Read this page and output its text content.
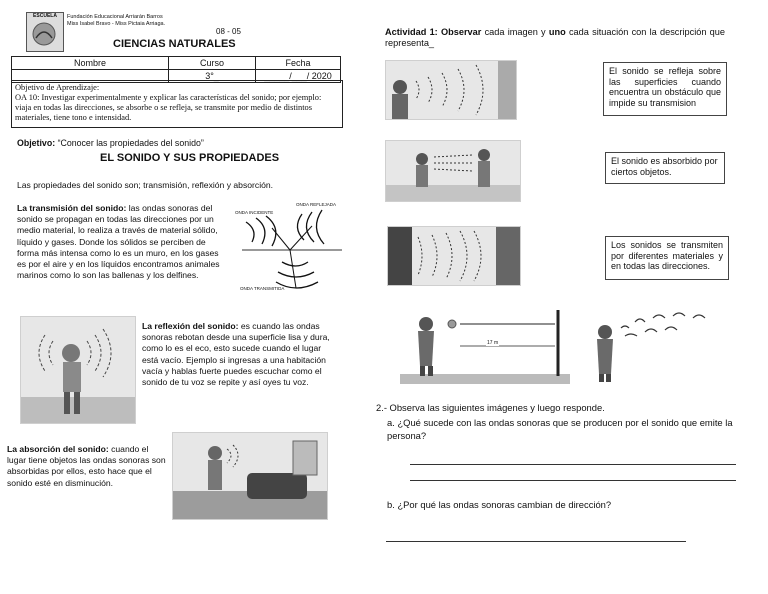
ESCUELA	Fundación Educacional Arriarán Barros
Miss Isabel Bravo - Miss Pictaia Arriaga.
08 - 05
CIENCIAS NATURALES
Nombre	Curso	Fecha
	3°_	_____/___/ 2020
Objetivo de Aprendizaje:
OA 10: Investigar experimentalmente y explicar las características del sonido; por ejemplo: viaja en todas las direcciones, se absorbe o se refleja, se transmite por medio de distintos materiales, tiene tono e intensidad.
Objetivo: “Conocer las propiedades del sonido”
EL SONIDO Y SUS PROPIEDADES
Las propiedades del sonido son; transmisión, reflexión y absorción.
La transmisión del sonido: las ondas sonoras del sonido se propagan en todas las direcciones por un medio material, lo realiza a través de material sólido, líquido y gases. Donde los sólidos se perciben de forma más intensa como lo es un muro, en los gases es por el aire y en los líquidos encontramos animales marinos como lo son las ballenas y los delfines.
ONDA INCIDENTE
ONDA REFLEJADA
ONDA TRANSMITIDA
La reflexión del sonido: es cuando las ondas sonoras rebotan desde una superficie lisa y dura, como lo es el eco, esto sucede cuando el lugar está vacío. Ejemplo si ingresas a una habitación vacía y hablas fuerte puedes escuchar como el sonido de tu voz se repite y así oyes tu voz.
La absorción del sonido: cuando el lugar tiene objetos las ondas sonoras son absorbidas por ellos, esto hace que el sonido esté en disminución.
Actividad 1: Observar cada imagen y uno cada situación con la descripción que representa_
El sonido se refleja sobre las superficies cuando encuentra un obstáculo que impide su transmision
El sonido es absorbido por ciertos objetos.
Los sonidos se transmiten por diferentes materiales y en todas las direcciones.
17 m
2.- Observa las siguientes imágenes y luego responde.
a. ¿Qué sucede con las ondas sonoras que se producen por el sonido que emite la persona?
b. ¿Por qué las ondas sonoras cambian de dirección?
